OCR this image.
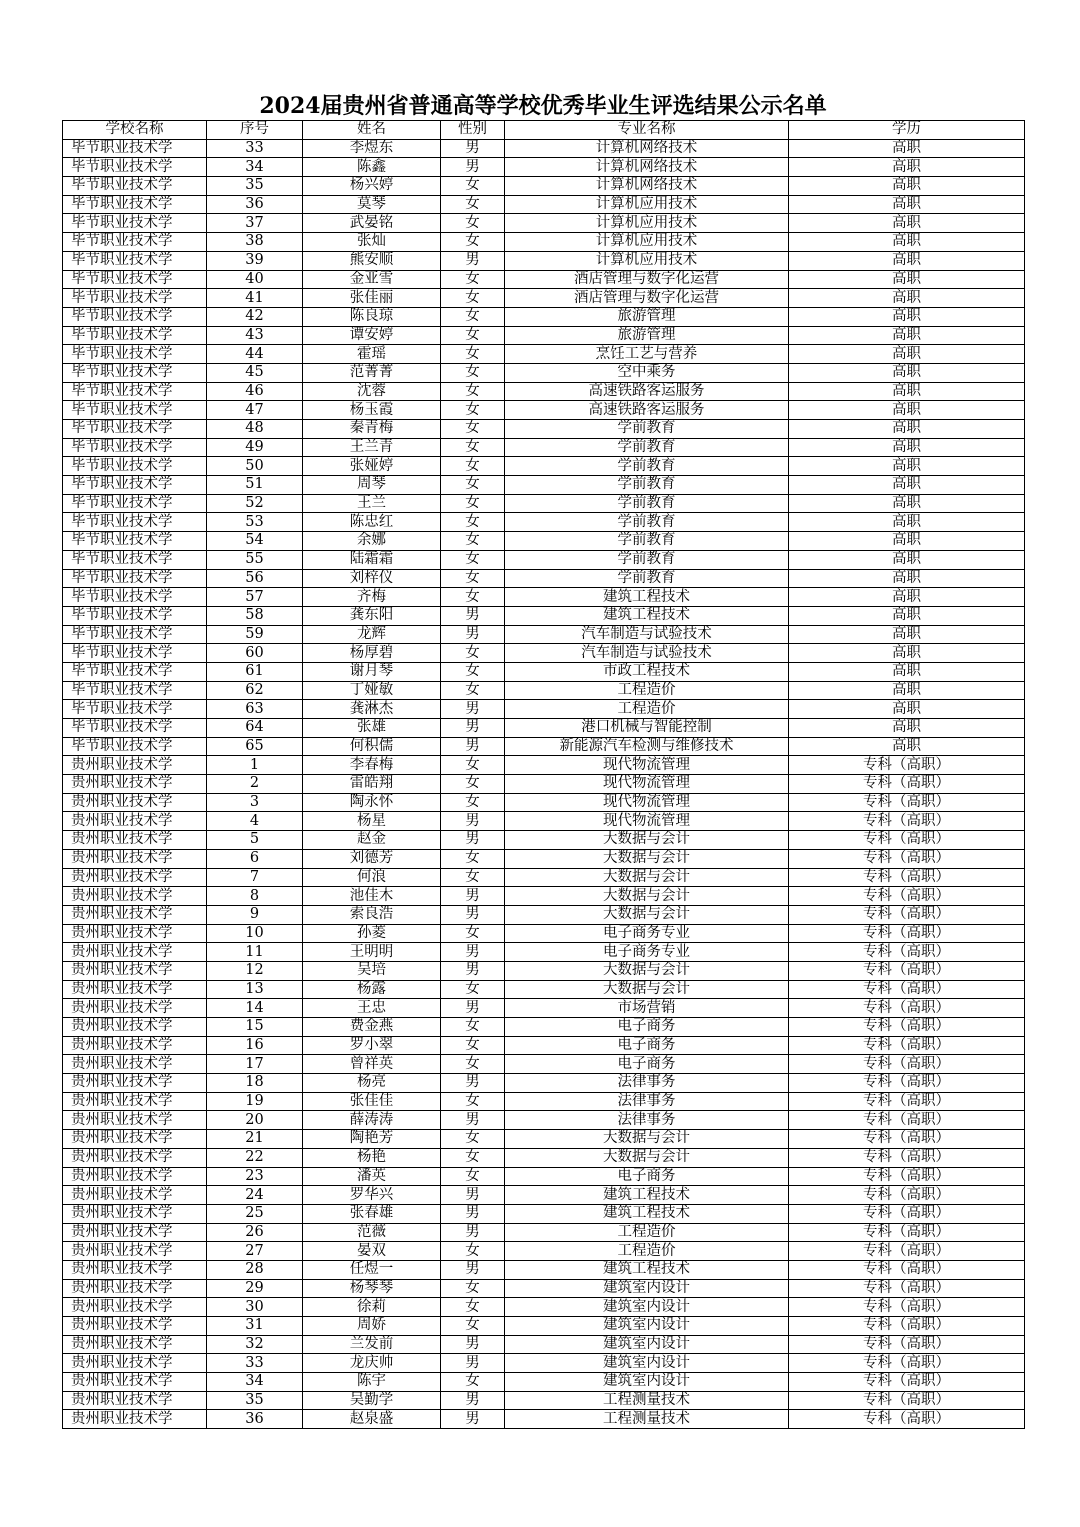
2024届贵州省普通高等学校优秀毕业生评选结果公示名单
学校名称	序号	姓名	性别	专业名称	学历
毕节职业技术学	33	李煜东	男	计算机网络技术	高职
毕节职业技术学	34	陈鑫	男	计算机网络技术	高职
毕节职业技术学	35	杨兴婷	女	计算机网络技术	高职
毕节职业技术学	36	莫琴	女	计算机应用技术	高职
毕节职业技术学	37	武晏铭	女	计算机应用技术	高职
毕节职业技术学	38	张灿	女	计算机应用技术	高职
毕节职业技术学	39	熊安顺	男	计算机应用技术	高职
毕节职业技术学	40	金亚雪	女	酒店管理与数字化运营	高职
毕节职业技术学	41	张佳丽	女	酒店管理与数字化运营	高职
毕节职业技术学	42	陈良琼	女	旅游管理	高职
毕节职业技术学	43	谭安婷	女	旅游管理	高职
毕节职业技术学	44	霍瑶	女	烹饪工艺与营养	高职
毕节职业技术学	45	范菁菁	女	空中乘务	高职
毕节职业技术学	46	沈蓉	女	高速铁路客运服务	高职
毕节职业技术学	47	杨玉霞	女	高速铁路客运服务	高职
毕节职业技术学	48	秦青梅	女	学前教育	高职
毕节职业技术学	49	王兰青	女	学前教育	高职
毕节职业技术学	50	张娅婷	女	学前教育	高职
毕节职业技术学	51	周琴	女	学前教育	高职
毕节职业技术学	52	王兰	女	学前教育	高职
毕节职业技术学	53	陈忠红	女	学前教育	高职
毕节职业技术学	54	余娜	女	学前教育	高职
毕节职业技术学	55	陆霜霜	女	学前教育	高职
毕节职业技术学	56	刘梓仪	女	学前教育	高职
毕节职业技术学	57	齐梅	女	建筑工程技术	高职
毕节职业技术学	58	龚东阳	男	建筑工程技术	高职
毕节职业技术学	59	龙辉	男	汽车制造与试验技术	高职
毕节职业技术学	60	杨厚碧	女	汽车制造与试验技术	高职
毕节职业技术学	61	谢月琴	女	市政工程技术	高职
毕节职业技术学	62	丁娅敏	女	工程造价	高职
毕节职业技术学	63	龚淋杰	男	工程造价	高职
毕节职业技术学	64	张雄	男	港口机械与智能控制	高职
毕节职业技术学	65	何积儒	男	新能源汽车检测与维修技术	高职
贵州职业技术学	1	李春梅	女	现代物流管理	专科（高职）
贵州职业技术学	2	雷皓翔	女	现代物流管理	专科（高职）
贵州职业技术学	3	陶永怀	女	现代物流管理	专科（高职）
贵州职业技术学	4	杨星	男	现代物流管理	专科（高职）
贵州职业技术学	5	赵金	男	大数据与会计	专科（高职）
贵州职业技术学	6	刘德芳	女	大数据与会计	专科（高职）
贵州职业技术学	7	何浪	女	大数据与会计	专科（高职）
贵州职业技术学	8	池佳木	男	大数据与会计	专科（高职）
贵州职业技术学	9	索良浩	男	大数据与会计	专科（高职）
贵州职业技术学	10	孙菱	女	电子商务专业	专科（高职）
贵州职业技术学	11	王明明	男	电子商务专业	专科（高职）
贵州职业技术学	12	吴培	男	大数据与会计	专科（高职）
贵州职业技术学	13	杨露	女	大数据与会计	专科（高职）
贵州职业技术学	14	王忠	男	市场营销	专科（高职）
贵州职业技术学	15	费金燕	女	电子商务	专科（高职）
贵州职业技术学	16	罗小翠	女	电子商务	专科（高职）
贵州职业技术学	17	曾祥英	女	电子商务	专科（高职）
贵州职业技术学	18	杨亮	男	法律事务	专科（高职）
贵州职业技术学	19	张佳佳	女	法律事务	专科（高职）
贵州职业技术学	20	薛涛涛	男	法律事务	专科（高职）
贵州职业技术学	21	陶艳芳	女	大数据与会计	专科（高职）
贵州职业技术学	22	杨艳	女	大数据与会计	专科（高职）
贵州职业技术学	23	潘英	女	电子商务	专科（高职）
贵州职业技术学	24	罗华兴	男	建筑工程技术	专科（高职）
贵州职业技术学	25	张春雄	男	建筑工程技术	专科（高职）
贵州职业技术学	26	范薇	男	工程造价	专科（高职）
贵州职业技术学	27	晏双	女	工程造价	专科（高职）
贵州职业技术学	28	任煜一	男	建筑工程技术	专科（高职）
贵州职业技术学	29	杨琴琴	女	建筑室内设计	专科（高职）
贵州职业技术学	30	徐莉	女	建筑室内设计	专科（高职）
贵州职业技术学	31	周娇	女	建筑室内设计	专科（高职）
贵州职业技术学	32	兰发前	男	建筑室内设计	专科（高职）
贵州职业技术学	33	龙庆帅	男	建筑室内设计	专科（高职）
贵州职业技术学	34	陈宇	女	建筑室内设计	专科（高职）
贵州职业技术学	35	吴勤学	男	工程测量技术	专科（高职）
贵州职业技术学	36	赵泉盛	男	工程测量技术	专科（高职）
